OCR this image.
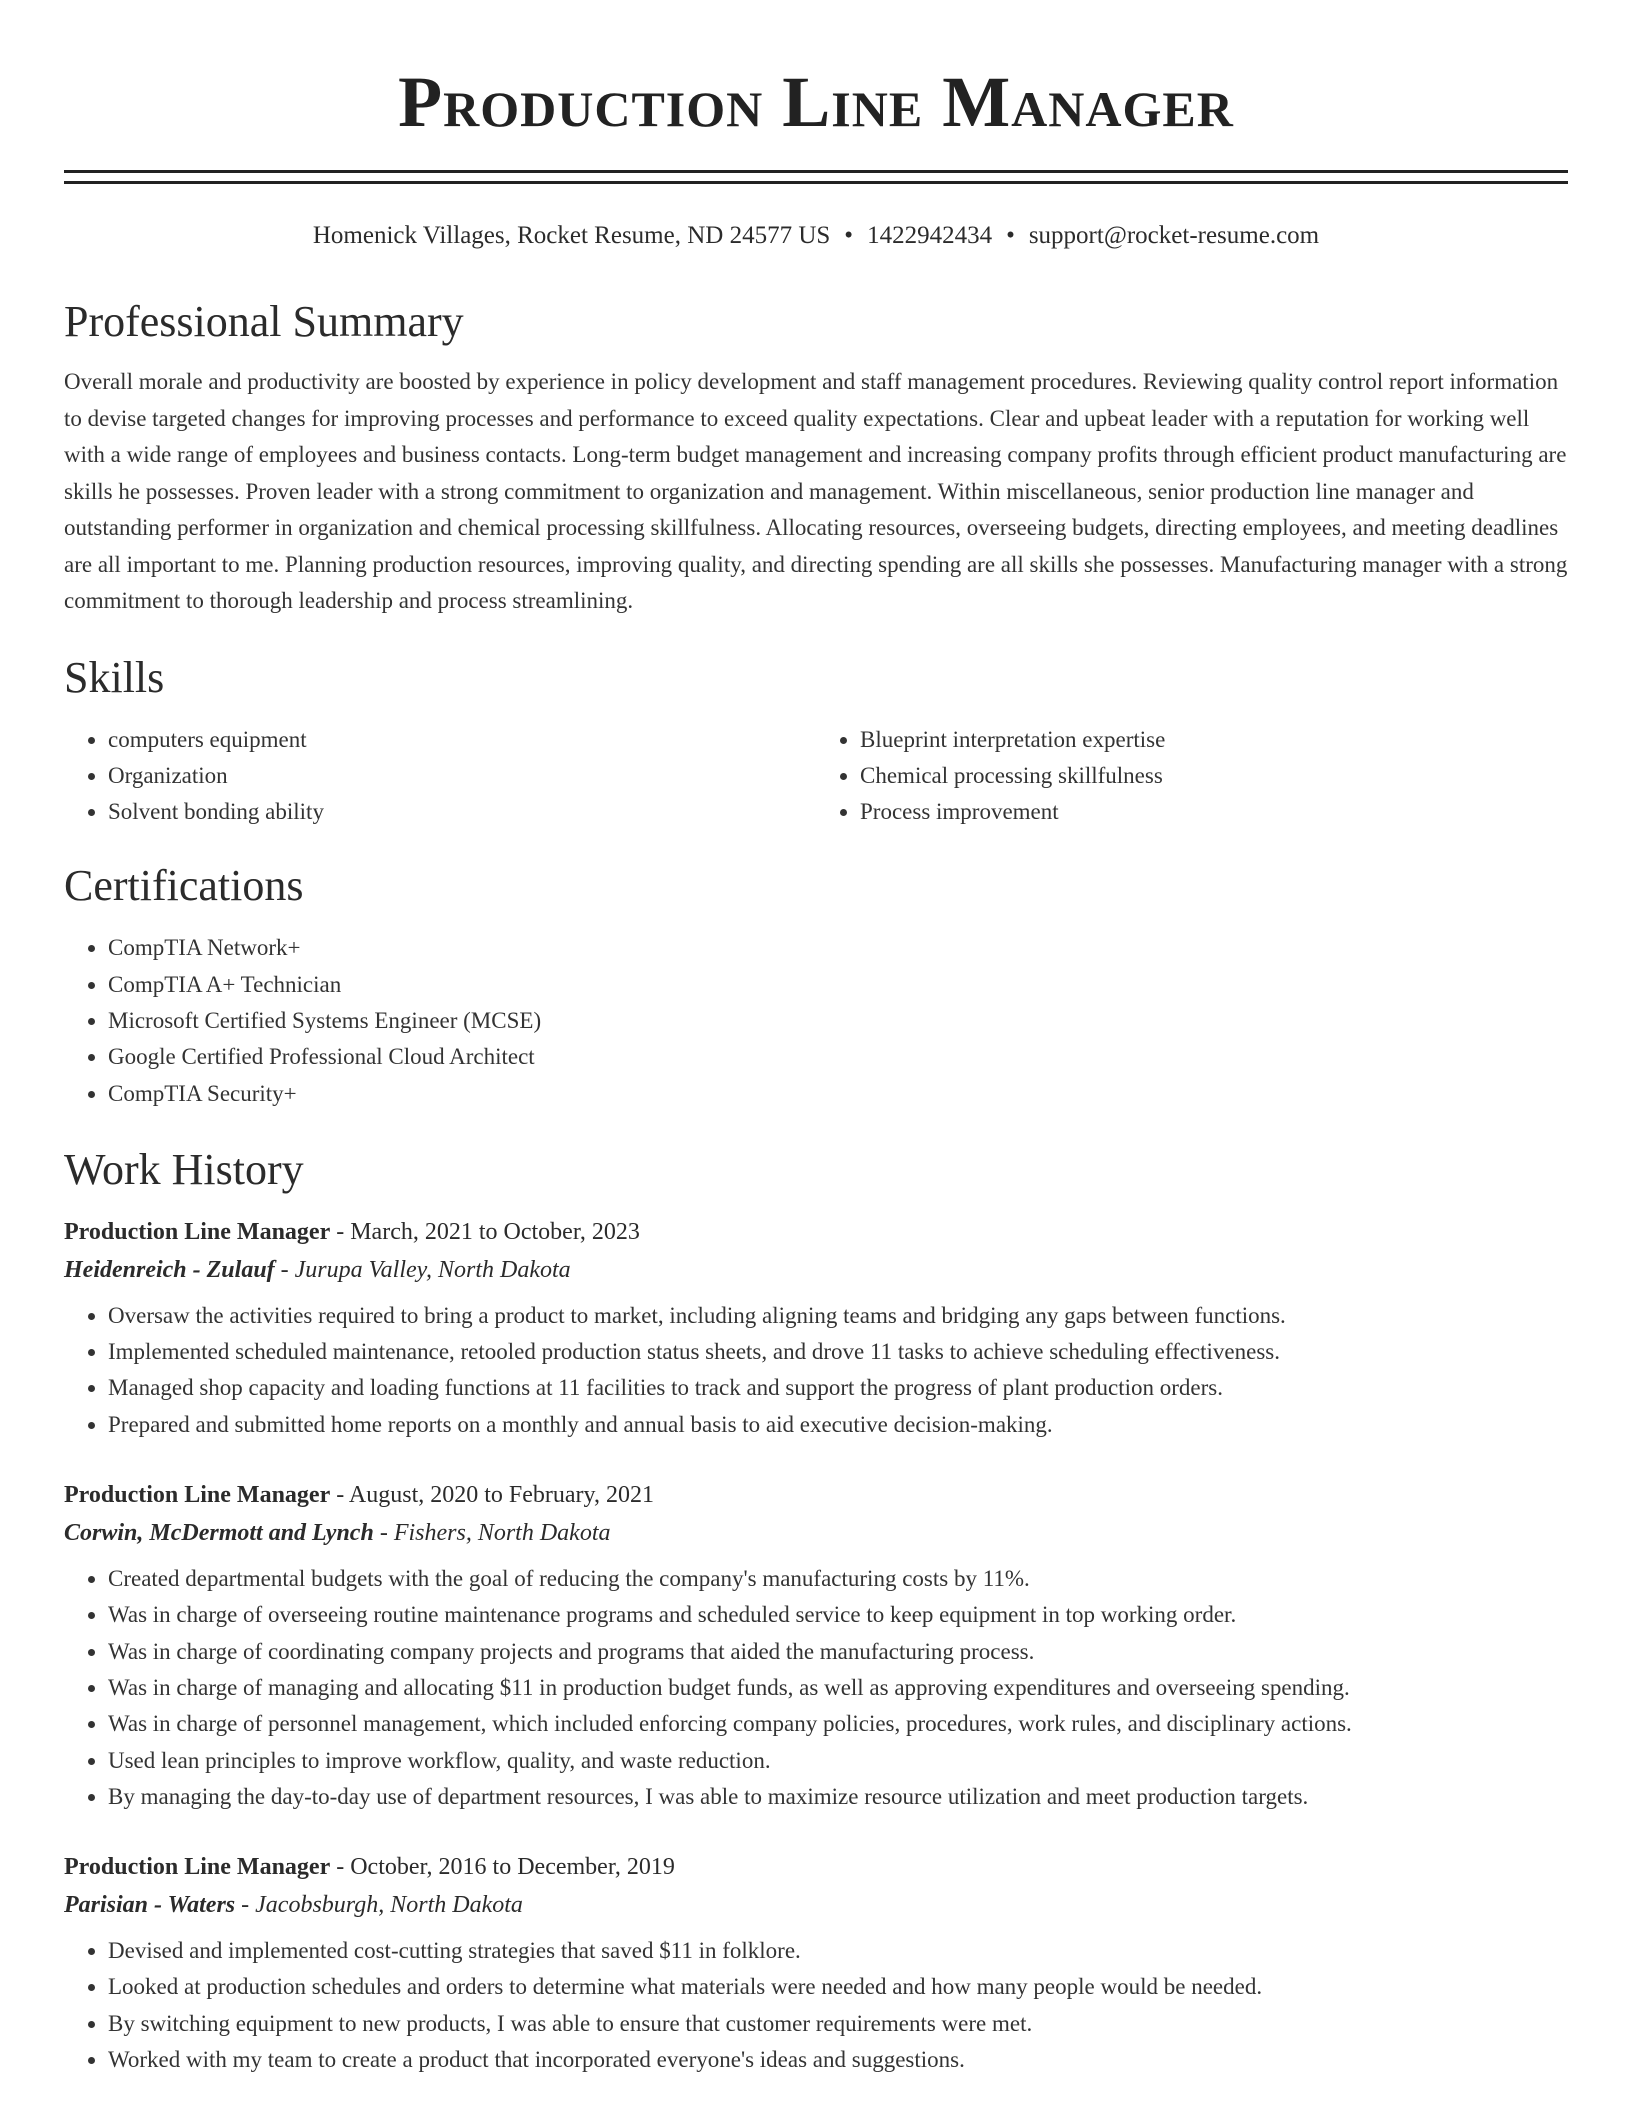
Production Line Manager
Homenick Villages, Rocket Resume, ND 24577 US • 1422942434 • support@rocket-resume.com
Professional Summary

Overall morale and productivity are boosted by experience in policy development and staff management procedures. Reviewing quality control report information to devise targeted changes for improving processes and performance to exceed quality expectations. Clear and upbeat leader with a reputation for working well with a wide range of employees and business contacts. Long-term budget management and increasing company profits through efficient product manufacturing are skills he possesses. Proven leader with a strong commitment to organization and management. Within miscellaneous, senior production line manager and outstanding performer in organization and chemical processing skillfulness. Allocating resources, overseeing budgets, directing employees, and meeting deadlines are all important to me. Planning production resources, improving quality, and directing spending are all skills she possesses. Manufacturing manager with a strong commitment to thorough leadership and process streamlining.

Skills
• computers equipment
• Organization
• Solvent bonding ability
• Blueprint interpretation expertise
• Chemical processing skillfulness
• Process improvement
Certifications
• CompTIA Network+
• CompTIA A+ Technician
• Microsoft Certified Systems Engineer (MCSE)
• Google Certified Professional Cloud Architect
• CompTIA Security+
Work History
Production Line Manager - March, 2021 to October, 2023
Heidenreich - Zulauf - Jurupa Valley, North Dakota
• Oversaw the activities required to bring a product to market, including aligning teams and bridging any gaps between functions.
• Implemented scheduled maintenance, retooled production status sheets, and drove 11 tasks to achieve scheduling effectiveness.
• Managed shop capacity and loading functions at 11 facilities to track and support the progress of plant production orders.
• Prepared and submitted home reports on a monthly and annual basis to aid executive decision-making.
Production Line Manager - August, 2020 to February, 2021
Corwin, McDermott and Lynch - Fishers, North Dakota
• Created departmental budgets with the goal of reducing the company's manufacturing costs by 11%.
• Was in charge of overseeing routine maintenance programs and scheduled service to keep equipment in top working order.
• Was in charge of coordinating company projects and programs that aided the manufacturing process.
• Was in charge of managing and allocating $11 in production budget funds, as well as approving expenditures and overseeing spending.
• Was in charge of personnel management, which included enforcing company policies, procedures, work rules, and disciplinary actions.
• Used lean principles to improve workflow, quality, and waste reduction.
• By managing the day-to-day use of department resources, I was able to maximize resource utilization and meet production targets.
Production Line Manager - October, 2016 to December, 2019
Parisian - Waters - Jacobsburgh, North Dakota
• Devised and implemented cost-cutting strategies that saved $11 in folklore.
• Looked at production schedules and orders to determine what materials were needed and how many people would be needed.
• By switching equipment to new products, I was able to ensure that customer requirements were met.
• Worked with my team to create a product that incorporated everyone's ideas and suggestions.
